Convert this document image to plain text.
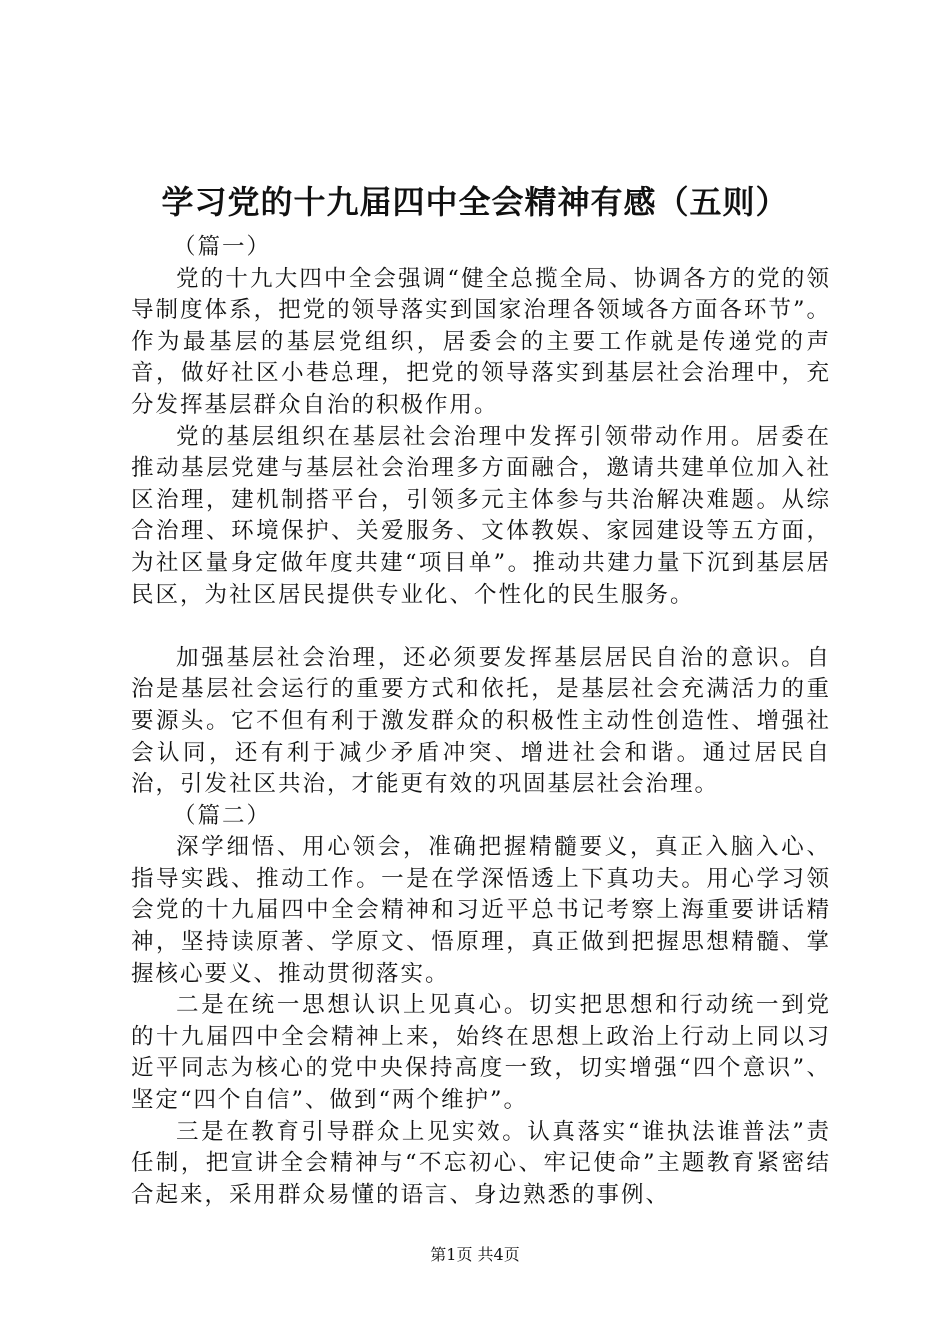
学习党的十九届四中全会精神有感（五则）

（篇一）

党的十九大四中全会强调“健全总揽全局、协调各方的党的领导制度体系，把党的领导落实到国家治理各领域各方面各环节”。作为最基层的基层党组织，居委会的主要工作就是传递党的声音，做好社区小巷总理，把党的领导落实到基层社会治理中，充分发挥基层群众自治的积极作用。

党的基层组织在基层社会治理中发挥引领带动作用。居委在推动基层党建与基层社会治理多方面融合，邀请共建单位加入社区治理，建机制搭平台，引领多元主体参与共治解决难题。从综合治理、环境保护、关爱服务、文体教娱、家园建设等五方面，为社区量身定做年度共建“项目单”。推动共建力量下沉到基层居民区，为社区居民提供专业化、个性化的民生服务。

加强基层社会治理，还必须要发挥基层居民自治的意识。自治是基层社会运行的重要方式和依托，是基层社会充满活力的重要源头。它不但有利于激发群众的积极性主动性创造性、增强社会认同，还有利于减少矛盾冲突、增进社会和谐。通过居民自治，引发社区共治，才能更有效的巩固基层社会治理。

（篇二）

深学细悟、用心领会，准确把握精髓要义，真正入脑入心、指导实践、推动工作。一是在学深悟透上下真功夫。用心学习领会党的十九届四中全会精神和习近平总书记考察上海重要讲话精神，坚持读原著、学原文、悟原理，真正做到把握思想精髓、掌握核心要义、推动贯彻落实。

二是在统一思想认识上见真心。切实把思想和行动统一到党的十九届四中全会精神上来，始终在思想上政治上行动上同以习近平同志为核心的党中央保持高度一致，切实增强“四个意识”、坚定“四个自信”、做到“两个维护”。

三是在教育引导群众上见实效。认真落实“谁执法谁普法”责任制，把宣讲全会精神与“不忘初心、牢记使命”主题教育紧密结合起来，采用群众易懂的语言、身边熟悉的事例、

第1页 共4页
